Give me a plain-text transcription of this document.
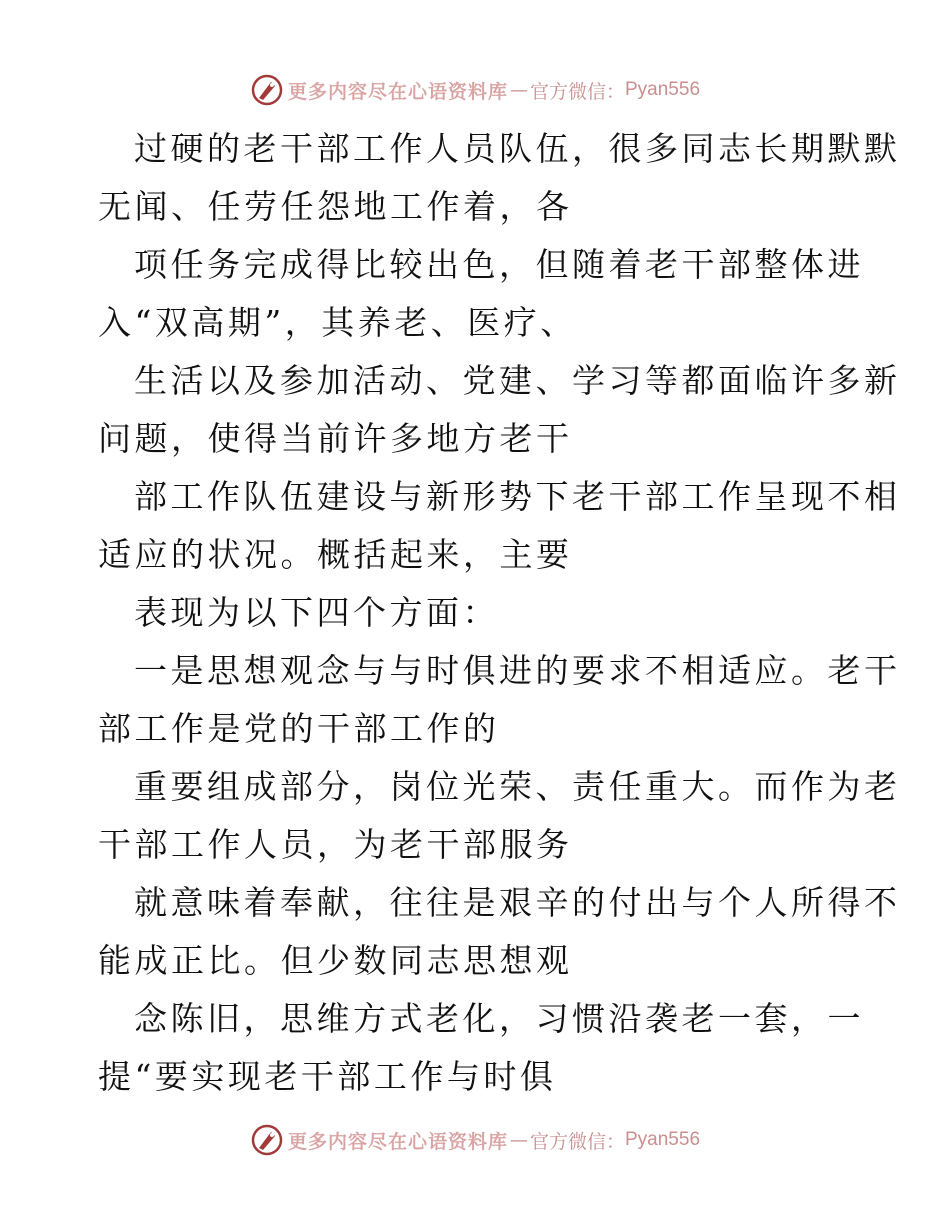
更多内容尽在心语资料库 — 官方微信： Pyan556
过硬的老干部工作人员队伍，很多同志长期默默
无闻、任劳任怨地工作着，各
项任务完成得比较出色，但随着老干部整体进
入“双高期”，其养老、医疗、
生活以及参加活动、党建、学习等都面临许多新
问题，使得当前许多地方老干
部工作队伍建设与新形势下老干部工作呈现不相
适应的状况。概括起来，主要
表现为以下四个方面：
一是思想观念与与时俱进的要求不相适应。老干
部工作是党的干部工作的
重要组成部分，岗位光荣、责任重大。而作为老
干部工作人员，为老干部服务
就意味着奉献，往往是艰辛的付出与个人所得不
能成正比。但少数同志思想观
念陈旧，思维方式老化，习惯沿袭老一套，一
提“要实现老干部工作与时俱
更多内容尽在心语资料库 — 官方微信： Pyan556
